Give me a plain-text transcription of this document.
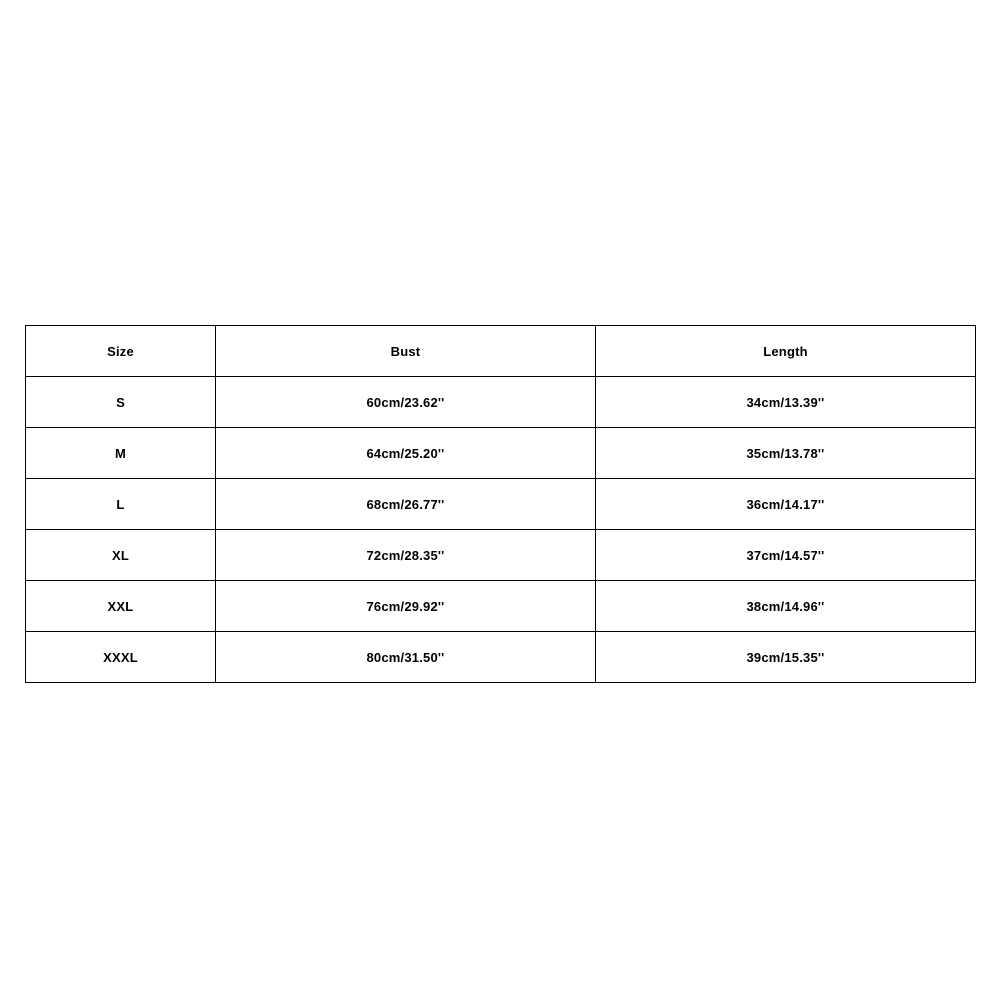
Size	Bust	Length
S	60cm/23.62''	34cm/13.39''
M	64cm/25.20''	35cm/13.78''
L	68cm/26.77''	36cm/14.17''
XL	72cm/28.35''	37cm/14.57''
XXL	76cm/29.92''	38cm/14.96''
XXXL	80cm/31.50''	39cm/15.35''
